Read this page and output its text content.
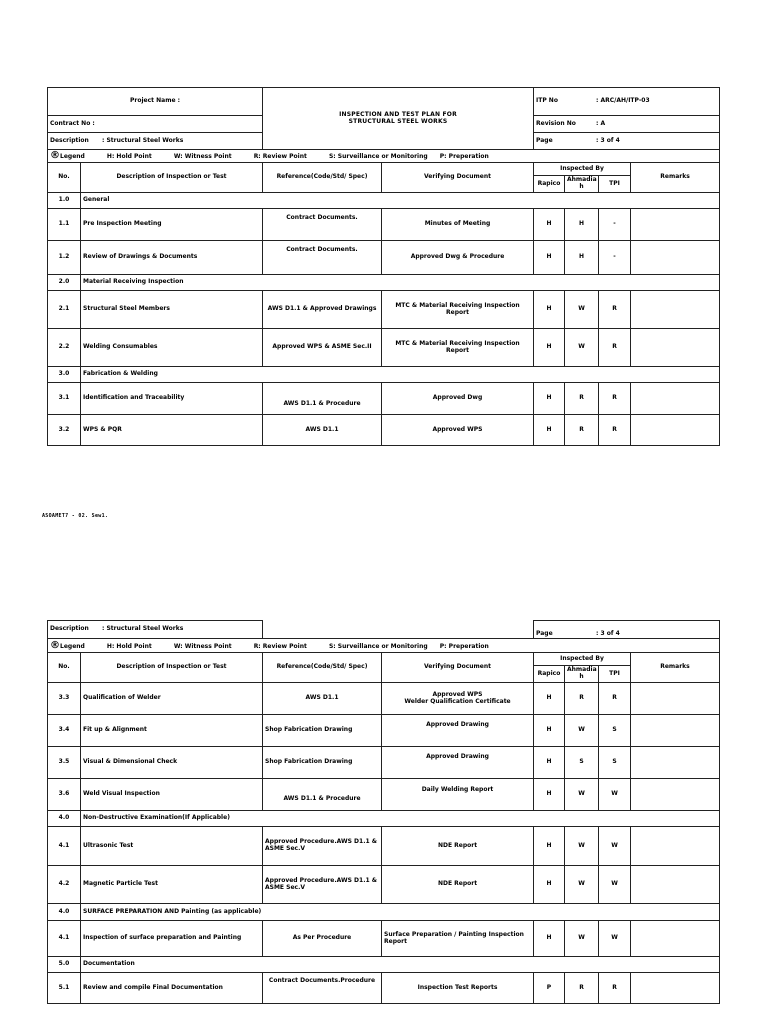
Project Name :		INSPECTION AND TEST PLAN FOR
STRUCTURAL STEEL WORKS		ITP No : ARC/AH/ITP-03			
Contract No :				Revision No : A			
Description : Structural Steel Works				Page : 3 of 4			
®Legend H: Hold Point W: Witness Point R: Review Point S: Surveillance or Monitoring P: Preperation							
No.	Description of Inspection or Test	Reference(Code/Std/ Spec)	Verifying Document	Inspected By			Remarks
				Rapico	Ahmadia h	TPI	
1.0	General						
1.1	Pre Inspection Meeting	Contract Documents.	Minutes of Meeting	H	H	-	
1.2	Review of Drawings & Documents	Contract Documents.	Approved Dwg & Procedure	H	H	-	
2.0	Material Receiving Inspection						
2.1	Structural Steel Members	AWS D1.1 & Approved Drawings	MTC & Material Receiving Inspection Report	H	W	R	
2.2	Welding Consumables	Approved WPS & ASME Sec.II	MTC & Material Receiving Inspection Report	H	W	R	
3.0	Fabrication & Welding						
3.1	Identification and Traceability	AWS D1.1 & Procedure	Approved Dwg	H	R	R	
3.2	WPS & PQR	AWS D1.1	Approved WPS	H	R	R	
ASOAMET7 - 02. Sew1.
Description : Structural Steel Works				Page : 3 of 4			
®Legend H: Hold Point W: Witness Point R: Review Point S: Surveillance or Monitoring P: Preperation							
No.	Description of Inspection or Test	Reference(Code/Std/ Spec)	Verifying Document	Inspected By			Remarks
				Rapico	Ahmadia h	TPI	
3.3	Qualification of Welder	AWS D1.1	Approved WPS
Welder Qualification Certificate	H	R	R	
3.4	Fit up & Alignment	Shop Fabrication Drawing	Approved Drawing	H	W	S	
3.5	Visual & Dimensional Check	Shop Fabrication Drawing	Approved Drawing	H	S	S	
3.6	Weld Visual Inspection	AWS D1.1 & Procedure	Daily Welding Report	H	W	W	
4.0	Non-Destructive Examination(If Applicable)						
4.1	Ultrasonic Test	Approved Procedure.AWS D1.1 & ASME Sec.V	NDE Report	H	W	W	
4.2	Magnetic Particle Test	Approved Procedure.AWS D1.1 & ASME Sec.V	NDE Report	H	W	W	
4.0	SURFACE PREPARATION AND Painting (as applicable)						
4.1	Inspection of surface preparation and Painting	As Per Procedure	Surface Preparation / Painting Inspection Report	H	W	W	
5.0	Documentation						
5.1	Review and compile Final Documentation	Contract Documents.Procedure	Inspection Test Reports	P	R	R	
